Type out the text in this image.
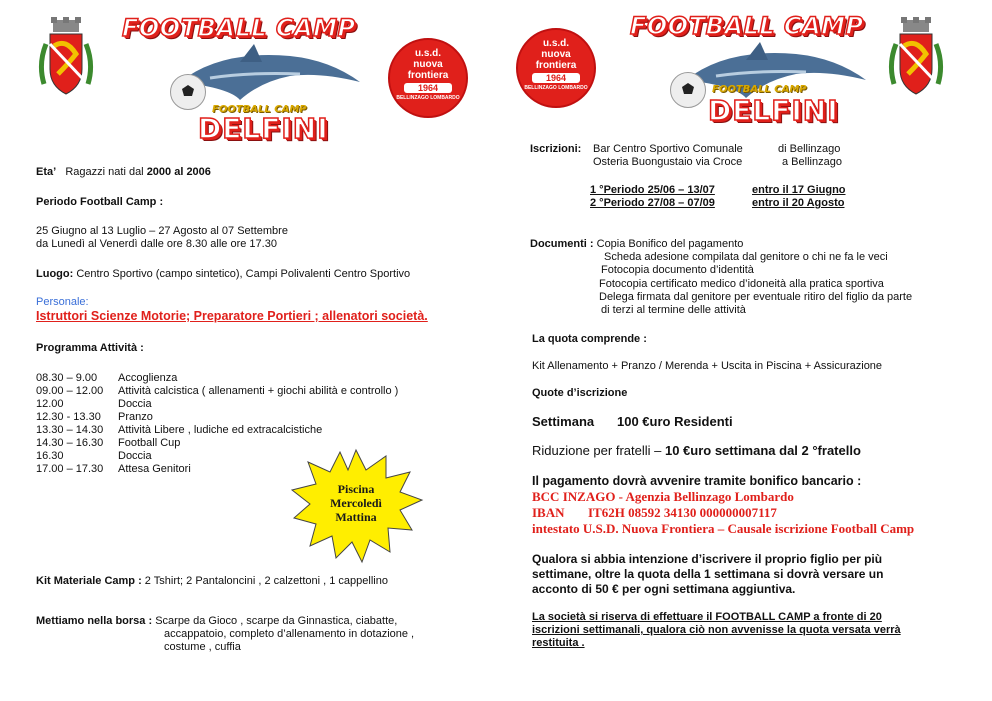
FOOTBALL CAMP
FOOTBALL CAMP
DELFINI
u.s.d.
nuova
frontiera
1964
BELLINZAGO LOMBARDO
u.s.d.
nuova
frontiera
1964
BELLINZAGO LOMBARDO
FOOTBALL CAMP
FOOTBALL CAMP
DELFINI
Eta’ Ragazzi nati dal 2000 al 2006
Periodo Football Camp :
25 Giugno al 13 Luglio – 27 Agosto al 07 Settembre
da Lunedì al Venerdì dalle ore 8.30 alle ore 17.30
Luogo: Centro Sportivo (campo sintetico), Campi Polivalenti Centro Sportivo
Personale:
Istruttori Scienze Motorie; Preparatore Portieri ; allenatori società.
Programma Attività :
08.30 – 9.00	Accoglienza
09.00 – 12.00	Attività calcistica ( allenamenti + giochi abilità e controllo )
12.00	Doccia
12.30 - 13.30	Pranzo
13.30 – 14.30	Attività Libere , ludiche ed extracalcistiche
14.30 – 16.30	Football Cup
16.30	Doccia
17.00 – 17.30	Attesa Genitori
Piscina
Mercoledì
Mattina
Kit Materiale Camp : 2 Tshirt; 2 Pantaloncini , 2 calzettoni , 1 cappellino
Mettiamo nella borsa : Scarpe da Gioco , scarpe da Ginnastica, ciabatte,
accappatoio, completo d’allenamento in dotazione ,
costume , cuffia
Iscrizioni: Bar Centro Sportivo Comunale	di Bellinzago
Osteria Buongustaio via Croce	a Bellinzago
1 °Periodo 25/06 – 13/07	entro il 17 Giugno
2 °Periodo 27/08 – 07/09	entro il 20 Agosto
Documenti : Copia Bonifico del pagamento
Scheda adesione compilata dal genitore o chi ne fa le veci
Fotocopia documento d’identità
Fotocopia certificato medico d’idoneità alla pratica sportiva
Delega firmata dal genitore per eventuale ritiro del figlio da parte
di terzi al termine delle attività
La quota comprende :
Kit Allenamento + Pranzo / Merenda + Uscita in Piscina + Assicurazione
Quote d’iscrizione
Settimana 100 €uro Residenti
Riduzione per fratelli – 10 €uro settimana dal 2 °fratello
Il pagamento dovrà avvenire tramite bonifico bancario :
BCC INZAGO - Agenzia Bellinzago Lombardo
IBAN IT62H 08592 34130 000000007117
intestato U.S.D. Nuova Frontiera – Causale iscrizione Football Camp
Qualora si abbia intenzione d’iscrivere il proprio figlio per più
settimane, oltre la quota della 1 settimana si dovrà versare un
acconto di 50 € per ogni settimana aggiuntiva.
La società si riserva di effettuare il FOOTBALL CAMP a fronte di 20
iscrizioni settimanali, qualora ciò non avvenisse la quota versata verrà
restituita .
